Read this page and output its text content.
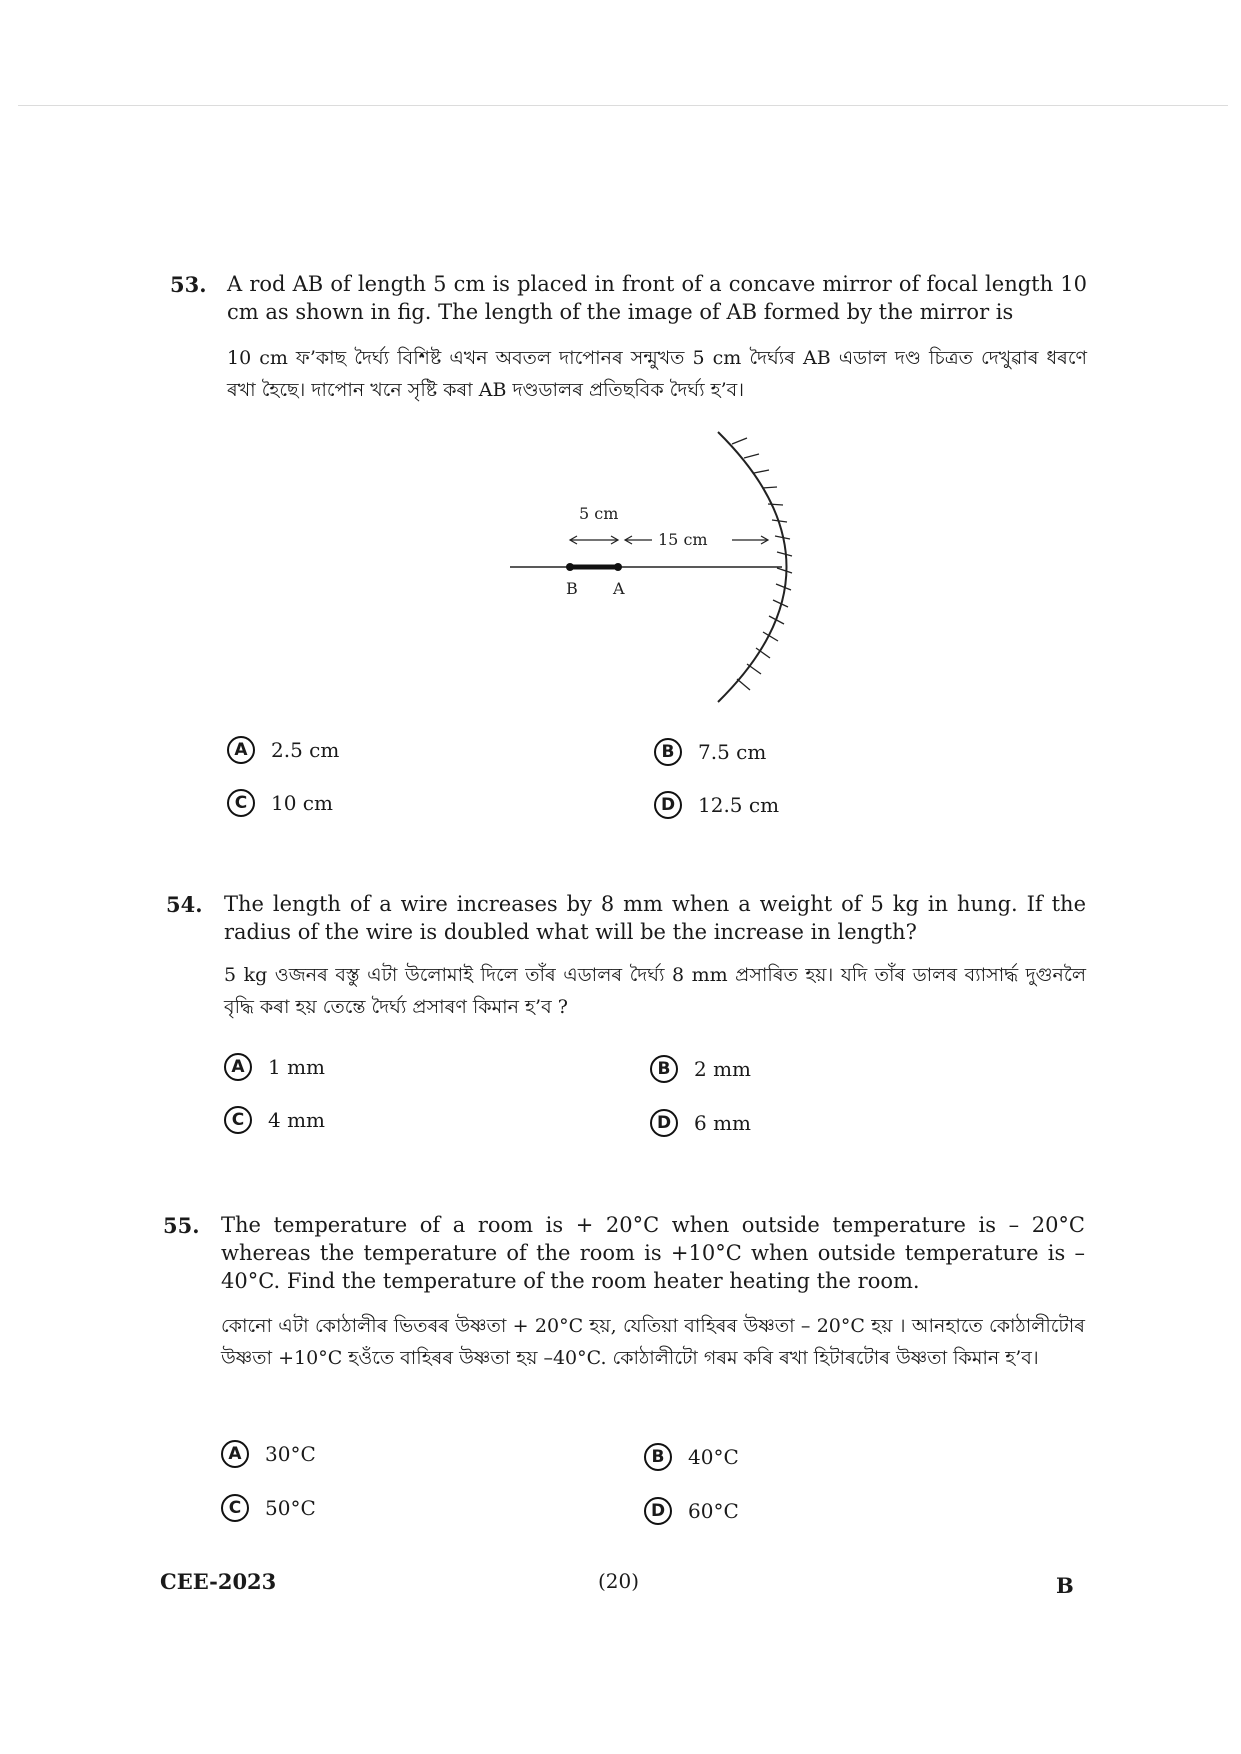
53. A rod AB of length 5 cm is placed in front of a concave mirror of focal length 10 cm as shown in fig. The length of the image of AB formed by the mirror is
10 cm ফ’কাছ দৈৰ্ঘ্য বিশিষ্ট এখন অবতল দাপোনৰ সন্মুখত 5 cm দৈৰ্ঘ্যৰ AB এডাল দণ্ড চিত্ৰত দেখুৱাৰ ধৰণে ৰখা হৈছে। দাপোন খনে সৃষ্টি কৰা AB দণ্ডডালৰ প্ৰতিছবিক দৈৰ্ঘ্য হ’ব।
5 cm
15 cm
B A
A	2.5 cm	B	7.5 cm
C	10 cm	D	12.5 cm
54. The length of a wire increases by 8 mm when a weight of 5 kg in hung. If the radius of the wire is doubled what will be the increase in length?
5 kg ওজনৰ বস্তু এটা উলোমাই দিলে তাঁৰ এডালৰ দৈৰ্ঘ্য 8 mm প্ৰসাৰিত হয়। যদি তাঁৰ ডালৰ ব্যাসাৰ্দ্ধ দুগুনলৈ বৃদ্ধি কৰা হয় তেন্তে দৈৰ্ঘ্য প্ৰসাৰণ কিমান হ’ব ?
A	1 mm	B	2 mm
C	4 mm	D	6 mm
55. The temperature of a room is + 20°C when outside temperature is – 20°C whereas the temperature of the room is +10°C when outside temperature is –40°C. Find the temperature of the room heater heating the room.
কোনো এটা কোঠালীৰ ভিতৰৰ উষ্ণতা + 20°C হয়, যেতিয়া বাহিৰৰ উষ্ণতা – 20°C হয় । আনহাতে কোঠালীটোৰ উষ্ণতা +10°C হওঁতে বাহিৰৰ উষ্ণতা হয় –40°C. কোঠালীটো গৰম কৰি ৰখা হিটাৰটোৰ উষ্ণতা কিমান হ’ব।
A	30°C	B	40°C
C	50°C	D	60°C
CEE-2023	(20)	B
